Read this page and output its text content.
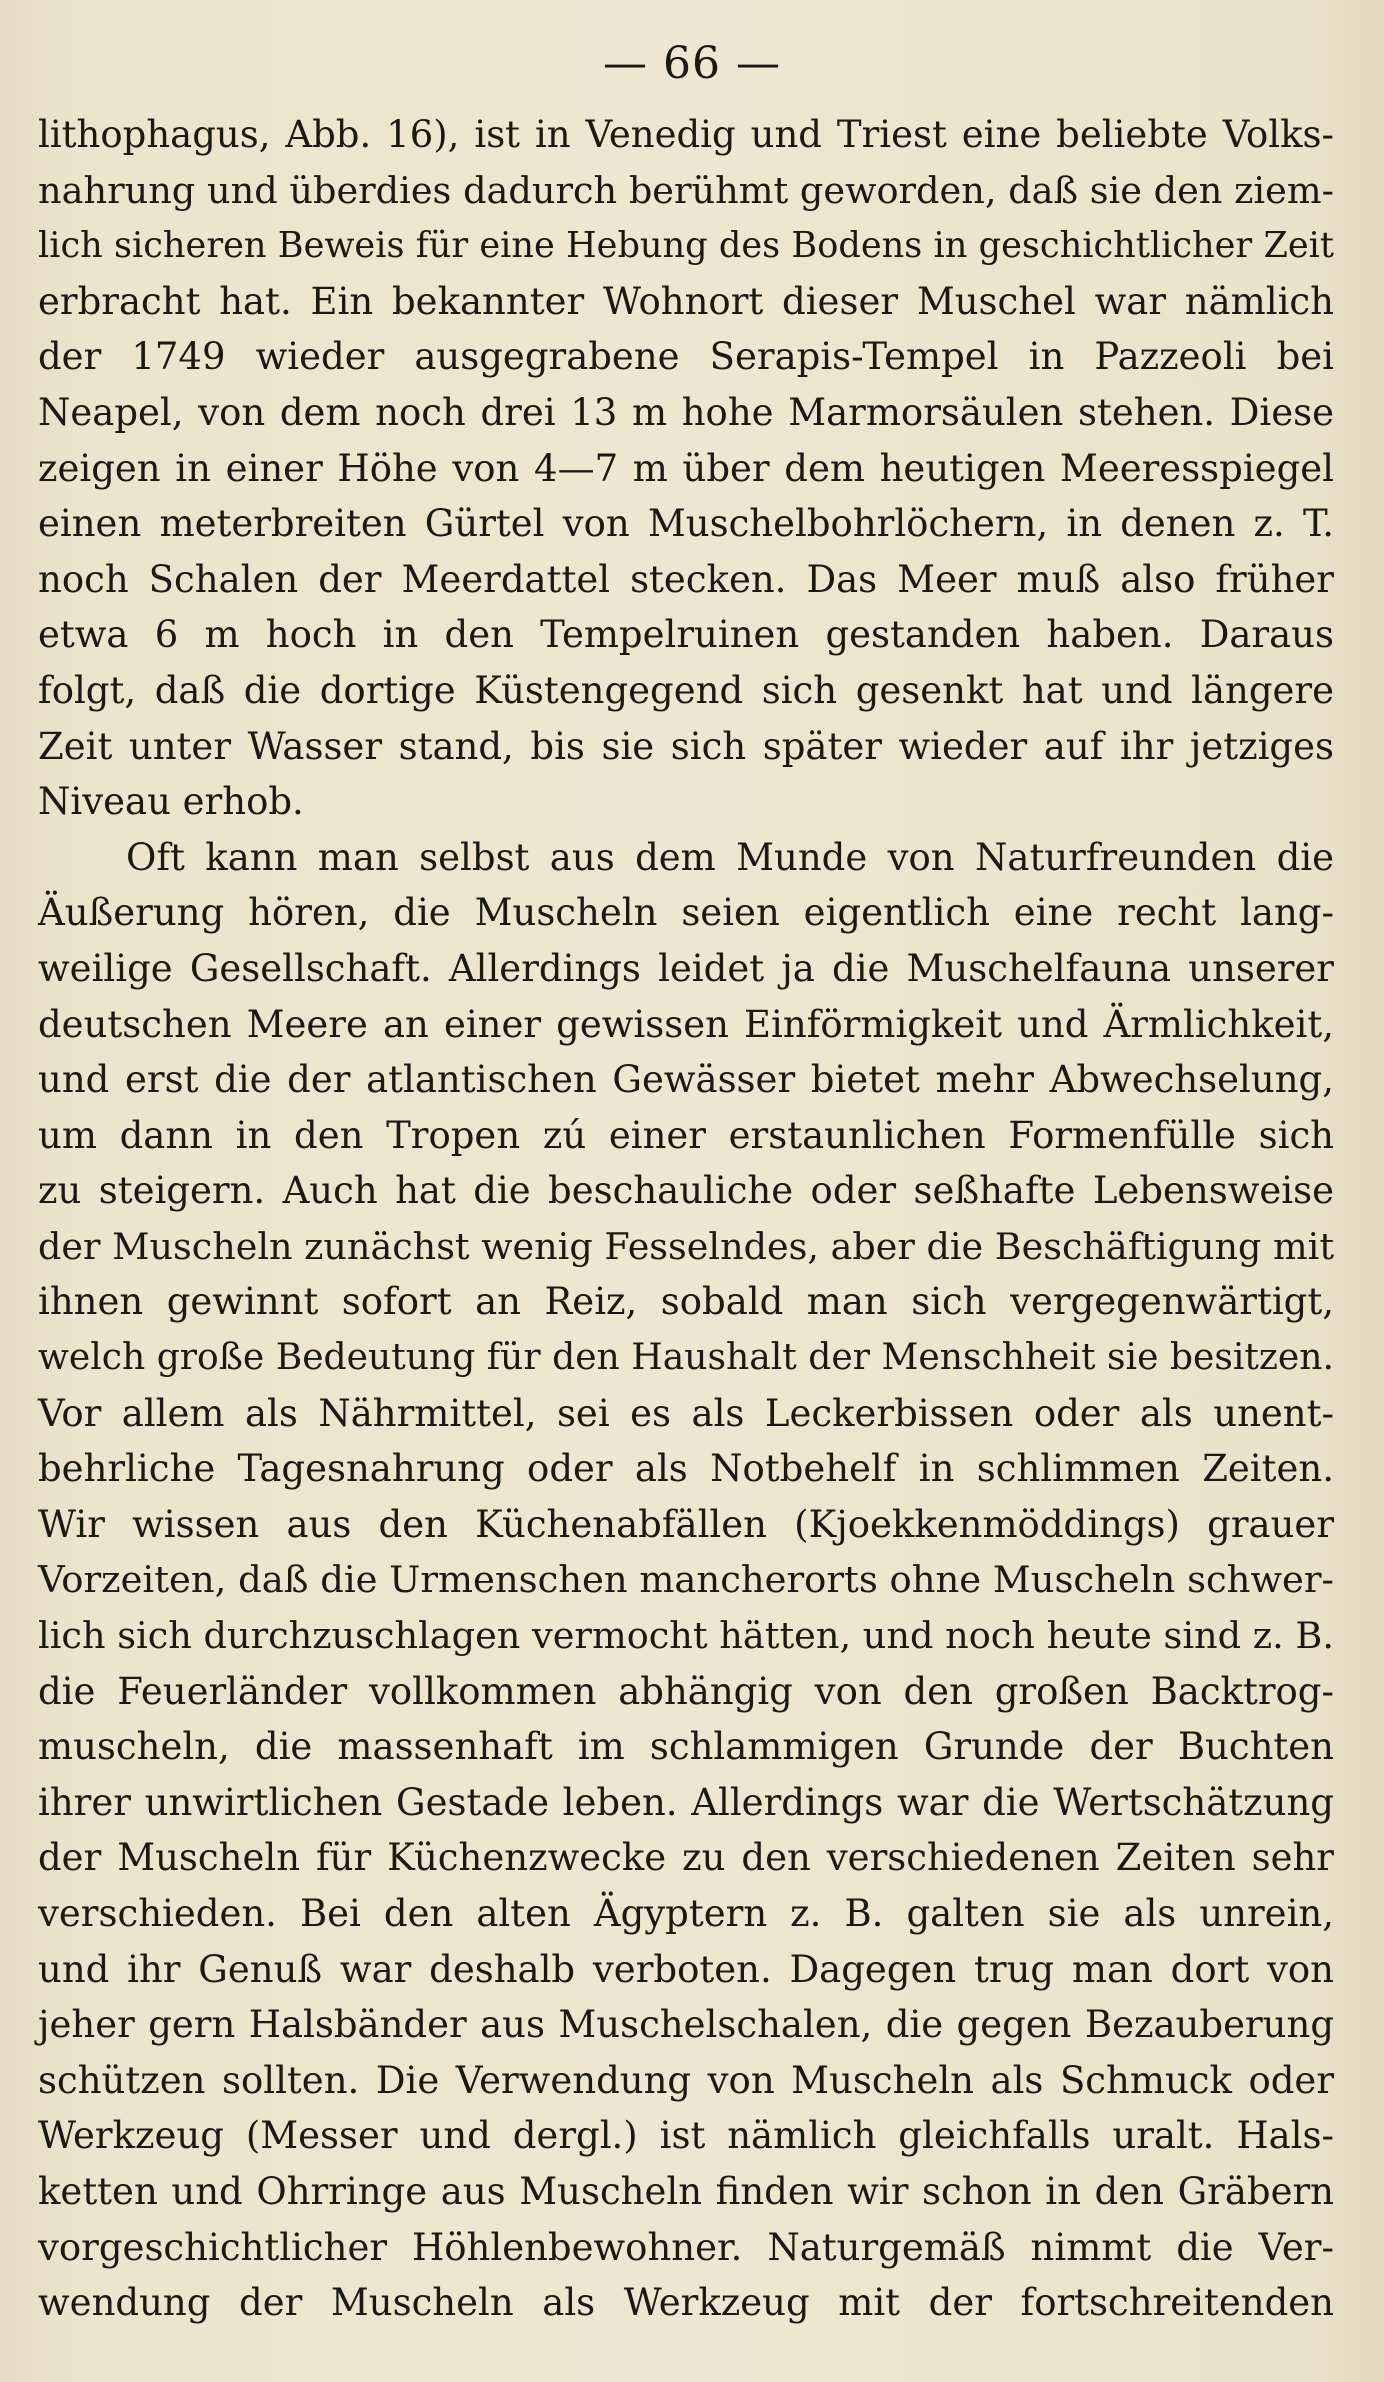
— 66 —
lithophagus, Abb. 16), ist in Venedig und Triest eine beliebte Volks-
nahrung und überdies dadurch berühmt geworden, daß sie den ziem-
lich sicheren Beweis für eine Hebung des Bodens in geschichtlicher Zeit
erbracht hat. Ein bekannter Wohnort dieser Muschel war nämlich
der 1749 wieder ausgegrabene Serapis-Tempel in Pazzeoli bei
Neapel, von dem noch drei 13 m hohe Marmorsäulen stehen. Diese
zeigen in einer Höhe von 4—7 m über dem heutigen Meeresspiegel
einen meterbreiten Gürtel von Muschelbohrlöchern, in denen z. T.
noch Schalen der Meerdattel stecken. Das Meer muß also früher
etwa 6 m hoch in den Tempelruinen gestanden haben. Daraus
folgt, daß die dortige Küstengegend sich gesenkt hat und längere
Zeit unter Wasser stand, bis sie sich später wieder auf ihr jetziges
Niveau erhob.
Oft kann man selbst aus dem Munde von Naturfreunden die
Äußerung hören, die Muscheln seien eigentlich eine recht lang-
weilige Gesellschaft. Allerdings leidet ja die Muschelfauna unserer
deutschen Meere an einer gewissen Einförmigkeit und Ärmlichkeit,
und erst die der atlantischen Gewässer bietet mehr Abwechselung,
um dann in den Tropen zú einer erstaunlichen Formenfülle sich
zu steigern. Auch hat die beschauliche oder seßhafte Lebensweise
der Muscheln zunächst wenig Fesselndes, aber die Beschäftigung mit
ihnen gewinnt sofort an Reiz, sobald man sich vergegenwärtigt,
welch große Bedeutung für den Haushalt der Menschheit sie besitzen.
Vor allem als Nährmittel, sei es als Leckerbissen oder als unent-
behrliche Tagesnahrung oder als Notbehelf in schlimmen Zeiten.
Wir wissen aus den Küchenabfällen (Kjoekkenmöddings) grauer
Vorzeiten, daß die Urmenschen mancherorts ohne Muscheln schwer-
lich sich durchzuschlagen vermocht hätten, und noch heute sind z. B.
die Feuerländer vollkommen abhängig von den großen Backtrog-
muscheln, die massenhaft im schlammigen Grunde der Buchten
ihrer unwirtlichen Gestade leben. Allerdings war die Wertschätzung
der Muscheln für Küchenzwecke zu den verschiedenen Zeiten sehr
verschieden. Bei den alten Ägyptern z. B. galten sie als unrein,
und ihr Genuß war deshalb verboten. Dagegen trug man dort von
jeher gern Halsbänder aus Muschelschalen, die gegen Bezauberung
schützen sollten. Die Verwendung von Muscheln als Schmuck oder
Werkzeug (Messer und dergl.) ist nämlich gleichfalls uralt. Hals-
ketten und Ohrringe aus Muscheln finden wir schon in den Gräbern
vorgeschichtlicher Höhlenbewohner. Naturgemäß nimmt die Ver-
wendung der Muscheln als Werkzeug mit der fortschreitenden
